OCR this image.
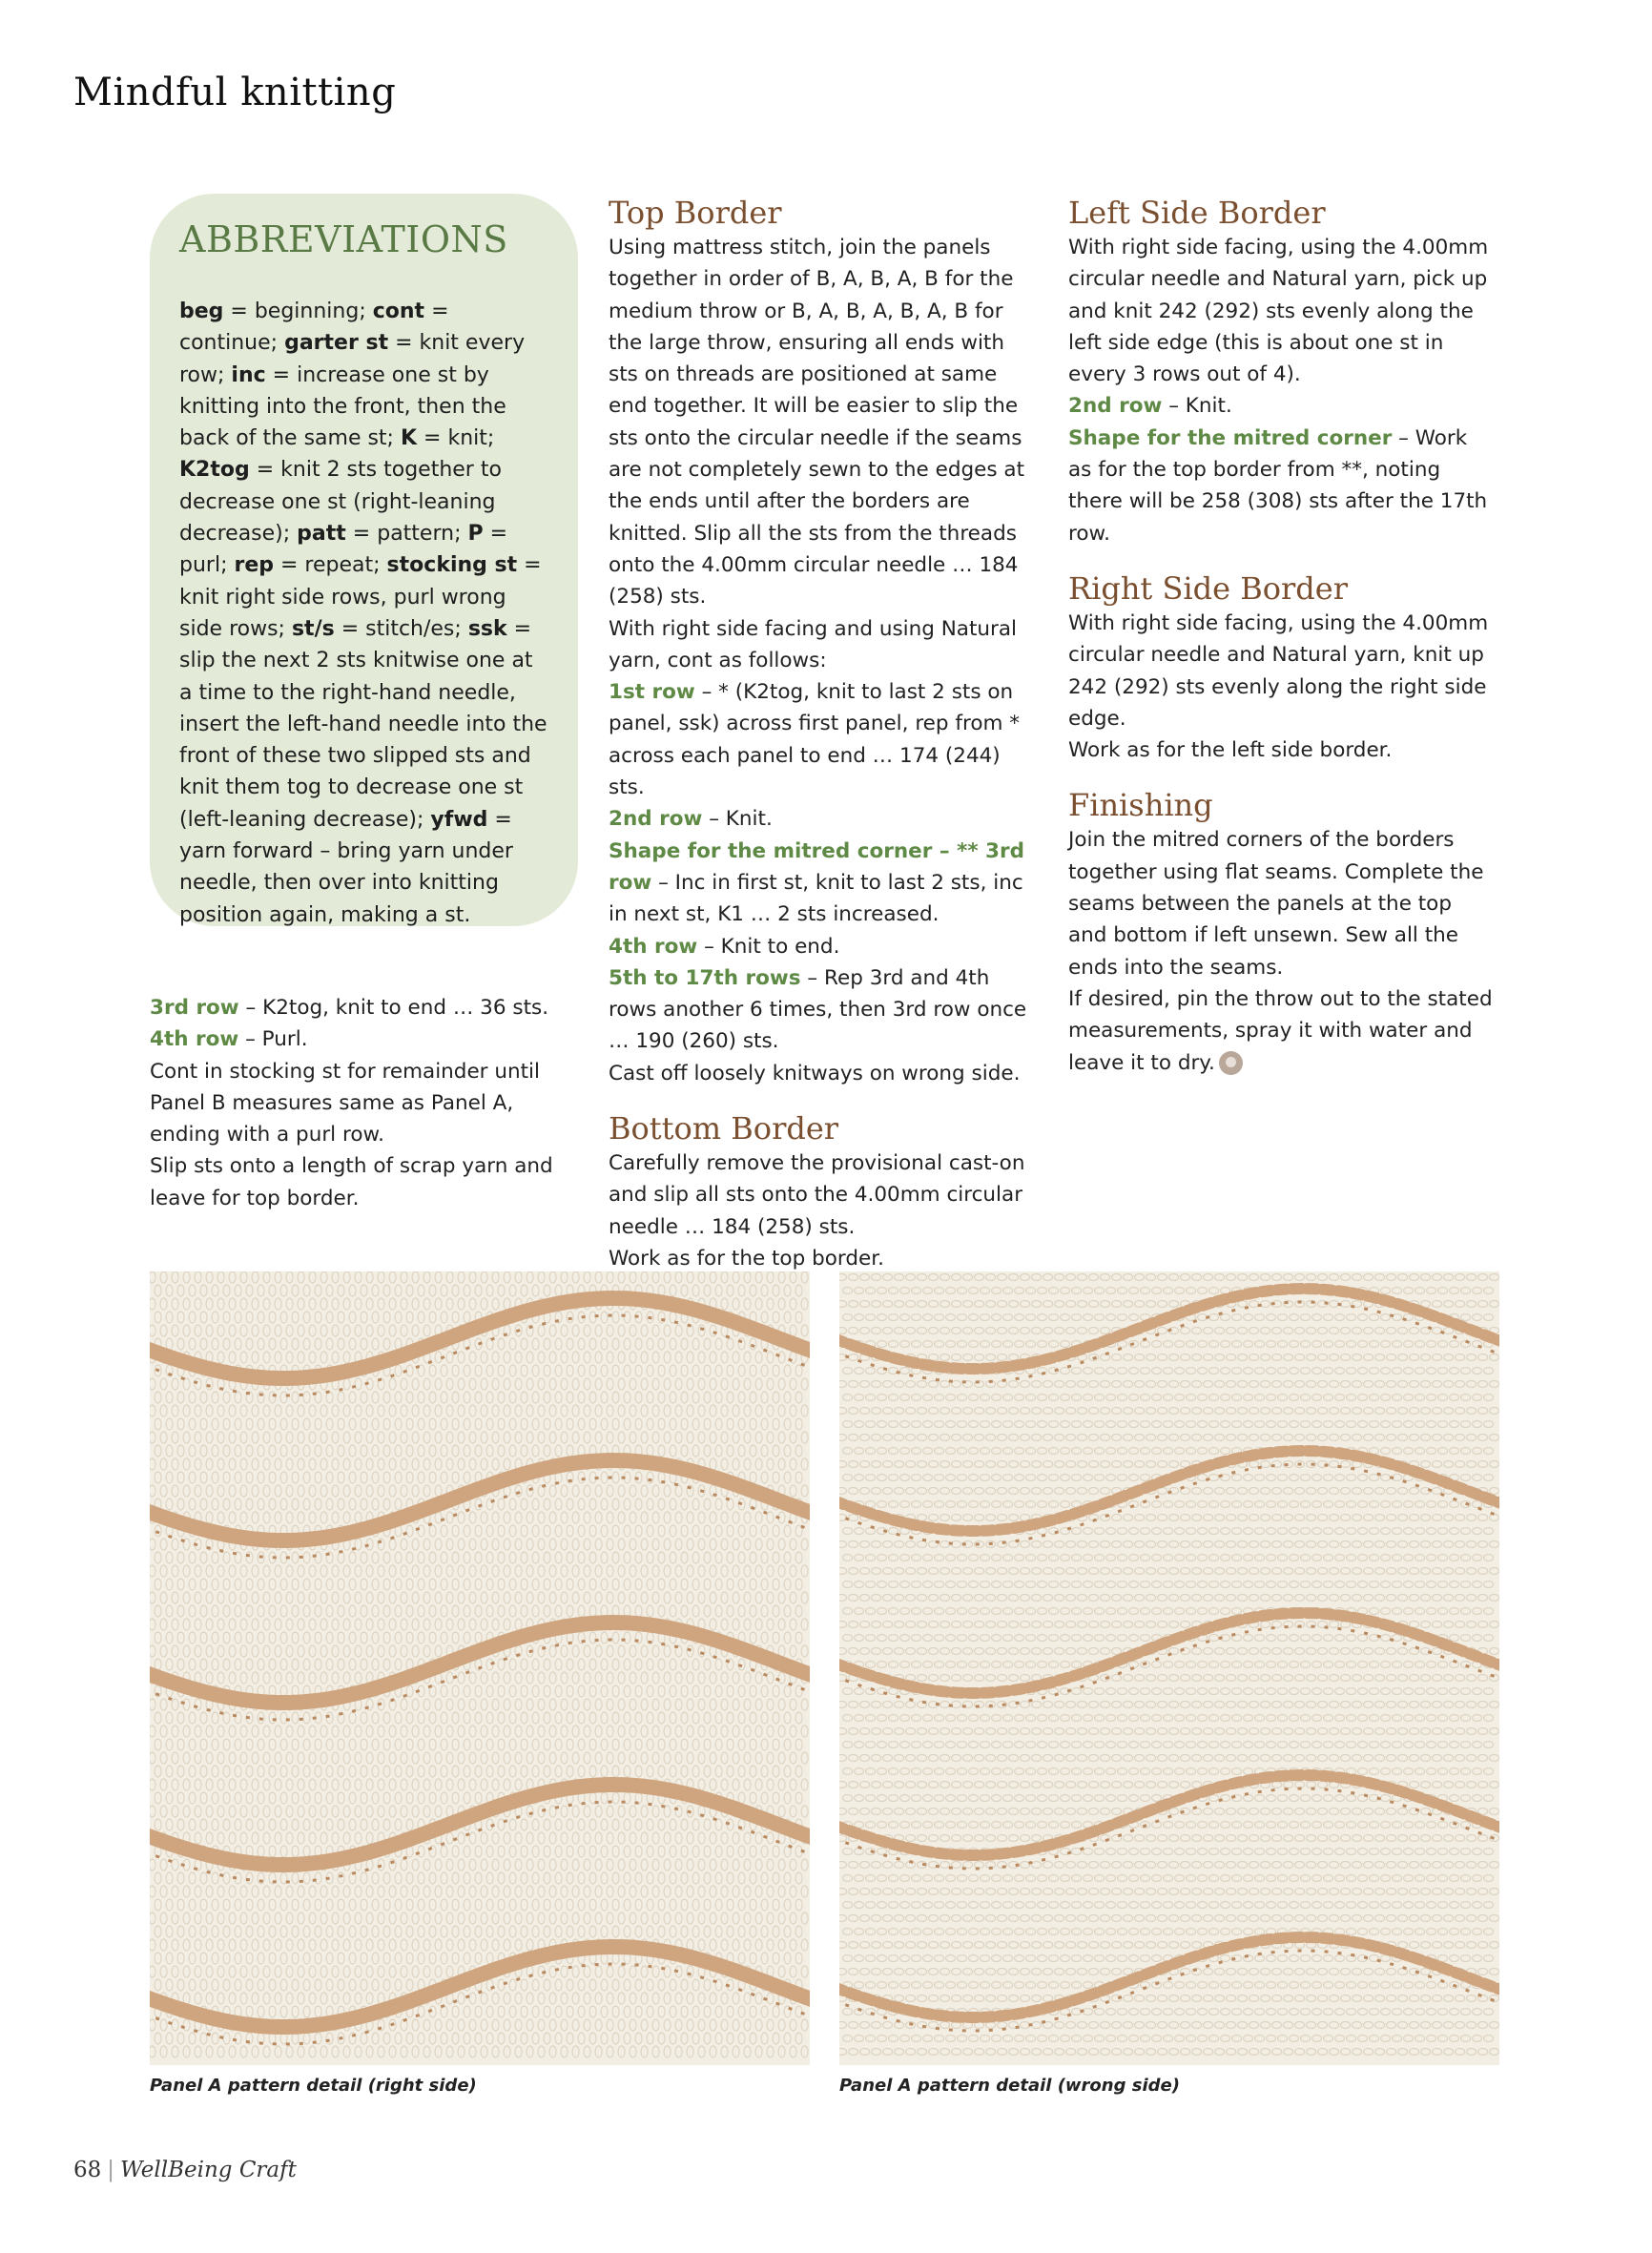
Mindful knitting
ABBREVIATIONS
beg = beginning; cont = continue; garter st = knit every row; inc = increase one st by knitting into the front, then the back of the same st; K = knit; K2tog = knit 2 sts together to decrease one st (right-leaning decrease); patt = pattern; P = purl; rep = repeat; stocking st = knit right side rows, purl wrong side rows; st/s = stitch/es; ssk = slip the next 2 sts knitwise one at a time to the right-hand needle, insert the left-hand needle into the front of these two slipped sts and knit them tog to decrease one st (left-leaning decrease); yfwd = yarn forward – bring yarn under needle, then over into knitting position again, making a st.

3rd row – K2tog, knit to end … 36 sts.

4th row – Purl.

Cont in stocking st for remainder until Panel B measures same as Panel A, ending with a purl row.

Slip sts onto a length of scrap yarn and leave for top border.

Top Border

Using mattress stitch, join the panels together in order of B, A, B, A, B for the medium throw or B, A, B, A, B, A, B for the large throw, ensuring all ends with sts on threads are positioned at same end together. It will be easier to slip the sts onto the circular needle if the seams are not completely sewn to the edges at the ends until after the borders are knitted. Slip all the sts from the threads onto the 4.00mm circular needle … 184 (258) sts.

With right side facing and using Natural yarn, cont as follows:

1st row – * (K2tog, knit to last 2 sts on panel, ssk) across first panel, rep from * across each panel to end … 174 (244) sts.

2nd row – Knit.

Shape for the mitred corner – ** 3rd row – Inc in first st, knit to last 2 sts, inc in next st, K1 … 2 sts increased.

4th row – Knit to end.

5th to 17th rows – Rep 3rd and 4th rows another 6 times, then 3rd row once … 190 (260) sts.

Cast off loosely knitways on wrong side.

Bottom Border

Carefully remove the provisional cast-on and slip all sts onto the 4.00mm circular needle … 184 (258) sts.

Work as for the top border.

Left Side Border

With right side facing, using the 4.00mm circular needle and Natural yarn, pick up and knit 242 (292) sts evenly along the left side edge (this is about one st in every 3 rows out of 4).

2nd row – Knit.

Shape for the mitred corner – Work as for the top border from **, noting there will be 258 (308) sts after the 17th row.

Right Side Border

With right side facing, using the 4.00mm circular needle and Natural yarn, knit up 242 (292) sts evenly along the right side edge.

Work as for the left side border.

Finishing

Join the mitred corners of the borders together using flat seams. Complete the seams between the panels at the top and bottom if left unsewn. Sew all the ends into the seams.

If desired, pin the throw out to the stated measurements, spray it with water and leave it to dry.

Panel A pattern detail (right side)	Panel A pattern detail (wrong side)
68 | WellBeing Craft
